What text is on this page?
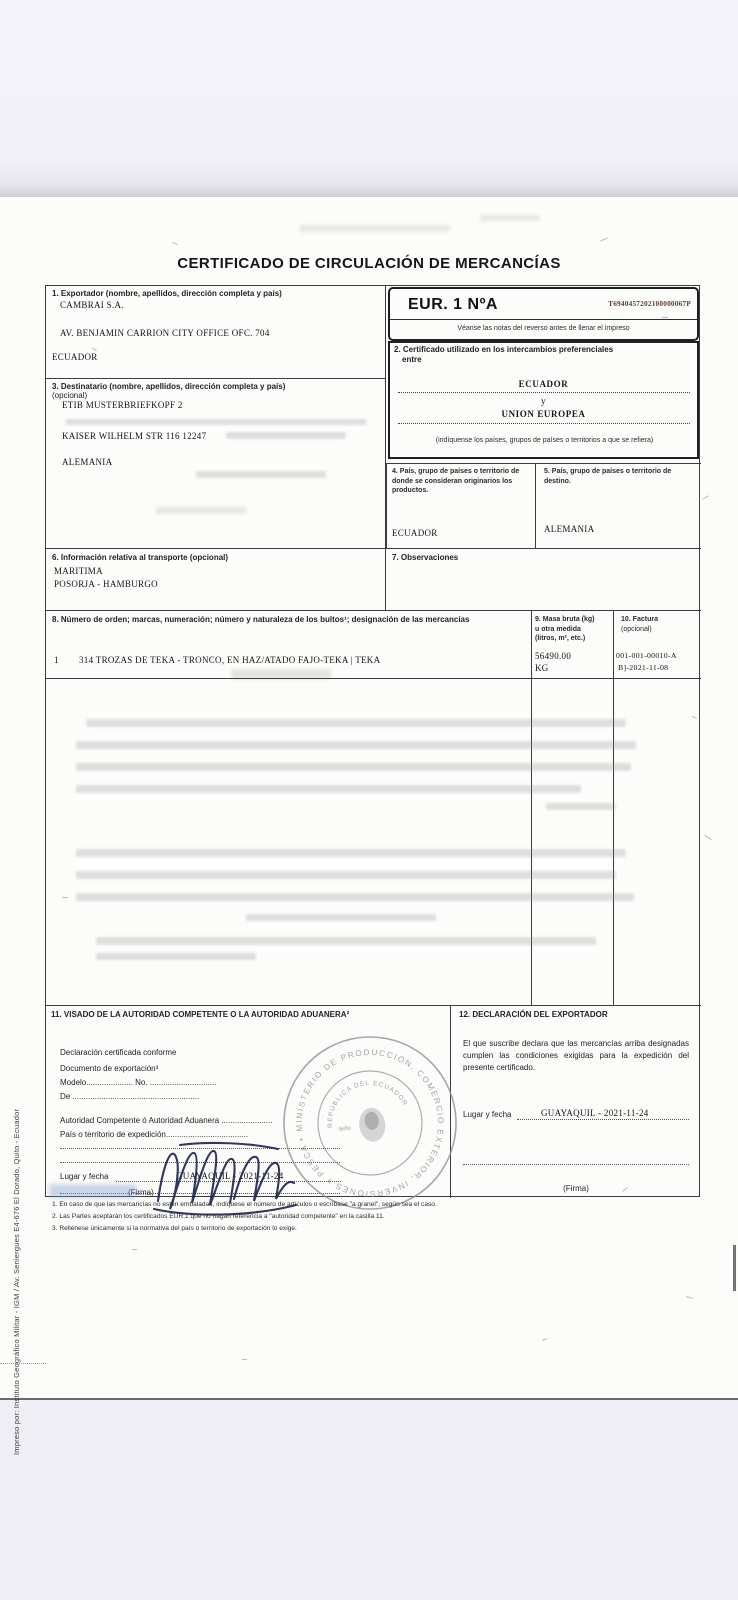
CERTIFICADO DE CIRCULACIÓN DE MERCANCÍAS
1. Exportador (nombre, apellidos, dirección completa y país)
CAMBRAI S.A.
AV. BENJAMIN CARRION CITY OFFICE OFC. 704
ECUADOR
3. Destinatario (nombre, apellidos, dirección completa y país)
(opcional)
ETIB MUSTERBRIEFKOPF 2
KAISER WILHELM STR 116 12247
ALEMANIA
EUR. 1 NºA	T6940457202100000067P
Véanse las notas del reverso antes de llenar el impreso
2. Certificado utilizado en los intercambios preferenciales
entre
ECUADOR
y
UNION EUROPEA
(indíquense los países, grupos de países o territorios a que se refiera)
4. País, grupo de países o territorio de donde se consideran originarios los productos.
ECUADOR
5. País, grupo de países o territorio de destino.
ALEMANIA
6. Información relativa al transporte (opcional)
MARITIMA
POSORJA - HAMBURGO
7. Observaciones
8. Número de orden; marcas, numeración; número y naturaleza de los bultos¹; designación de las mercancías	9. Masa bruta (kg)
u otra medida
(litros, m², etc.)
10. Factura
(opcional)
1 314 TROZAS DE TEKA - TRONCO, EN HAZ/ATADO FAJO-TEKA | TEKA	56490.00
KG
001-001-00010-A
B]-2021-11-08
11. VISADO DE LA AUTORIDAD COMPETENTE O LA AUTORIDAD ADUANERA²
Declaración certificada conforme
Documento de exportación³
Modelo..................... No. ..............................
De .........................................................
Autoridad Competente ó Autoridad Aduanera .......................
País o territorio de expedición.....................................
Lugar y fecha	GUAYAQUIL - 2021-11-24
(Firma)
12. DECLARACIÓN DEL EXPORTADOR
El que suscribe declara que las mercancías arriba designadas cumplen las condiciones exigidas para la expedición del presente certificado.
Lugar y fecha	GUAYAQUIL - 2021-11-24
(Firma)
MINISTERIO DE PRODUCCIÓN, COMERCIO EXTERIOR, INVERSIONES Y PESCA •
REPÚBLICA DEL ECUADOR
Sello
1. En caso de que las mercancías no estén embaladas, indíquese el número de artículos o escríbase "a granel", según sea el caso.
2. Las Partes aceptarán los certificados EUR.1 que no hagan referencia a "autoridad competente" en la casilla 11.
3. Rellénese únicamente si la normativa del país o territorio de exportación lo exige.
Impreso por: Instituto Geográfico Militar - IGM / Av. Seniergues E4-676 El Dorado, Quito - Ecuador
